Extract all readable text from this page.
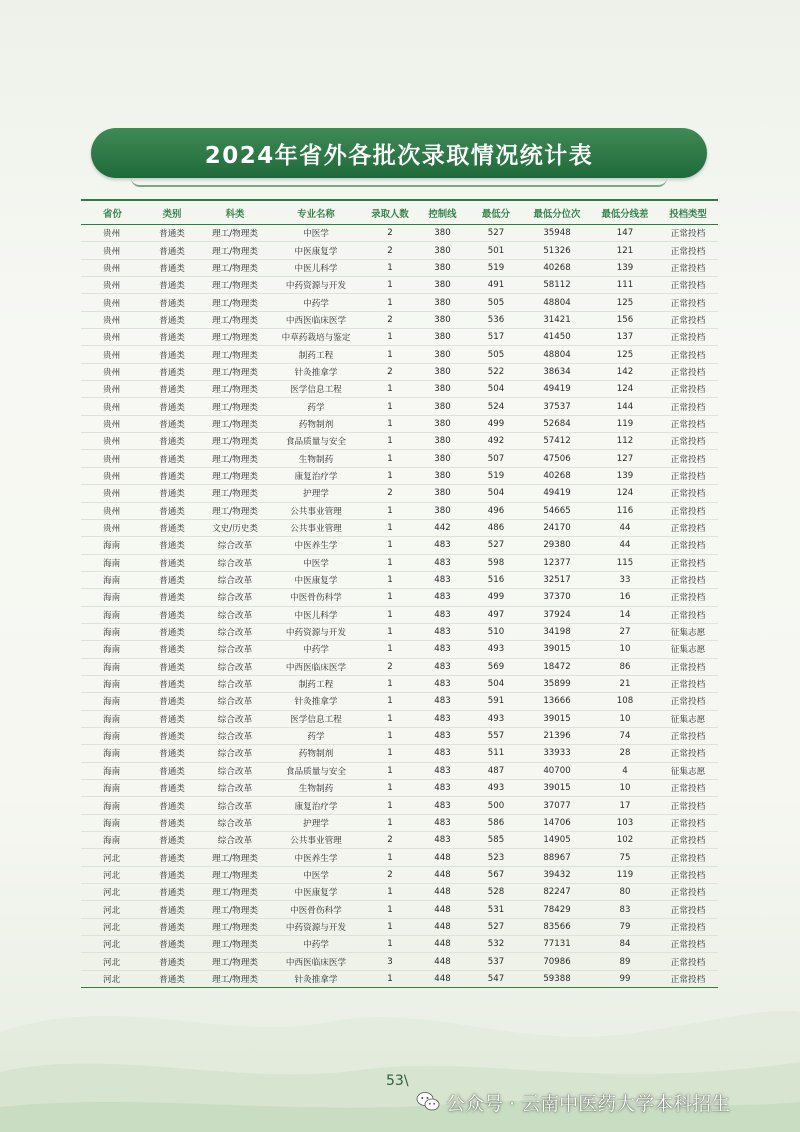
2024年省外各批次录取情况统计表
省份	类别	科类	专业名称	录取人数	控制线	最低分	最低分位次	最低分线差	投档类型
贵州	普通类	理工/物理类	中医学	2	380	527	35948	147	正常投档
贵州	普通类	理工/物理类	中医康复学	2	380	501	51326	121	正常投档
贵州	普通类	理工/物理类	中医儿科学	1	380	519	40268	139	正常投档
贵州	普通类	理工/物理类	中药资源与开发	1	380	491	58112	111	正常投档
贵州	普通类	理工/物理类	中药学	1	380	505	48804	125	正常投档
贵州	普通类	理工/物理类	中西医临床医学	2	380	536	31421	156	正常投档
贵州	普通类	理工/物理类	中草药栽培与鉴定	1	380	517	41450	137	正常投档
贵州	普通类	理工/物理类	制药工程	1	380	505	48804	125	正常投档
贵州	普通类	理工/物理类	针灸推拿学	2	380	522	38634	142	正常投档
贵州	普通类	理工/物理类	医学信息工程	1	380	504	49419	124	正常投档
贵州	普通类	理工/物理类	药学	1	380	524	37537	144	正常投档
贵州	普通类	理工/物理类	药物制剂	1	380	499	52684	119	正常投档
贵州	普通类	理工/物理类	食品质量与安全	1	380	492	57412	112	正常投档
贵州	普通类	理工/物理类	生物制药	1	380	507	47506	127	正常投档
贵州	普通类	理工/物理类	康复治疗学	1	380	519	40268	139	正常投档
贵州	普通类	理工/物理类	护理学	2	380	504	49419	124	正常投档
贵州	普通类	理工/物理类	公共事业管理	1	380	496	54665	116	正常投档
贵州	普通类	文史/历史类	公共事业管理	1	442	486	24170	44	正常投档
海南	普通类	综合改革	中医养生学	1	483	527	29380	44	正常投档
海南	普通类	综合改革	中医学	1	483	598	12377	115	正常投档
海南	普通类	综合改革	中医康复学	1	483	516	32517	33	正常投档
海南	普通类	综合改革	中医骨伤科学	1	483	499	37370	16	正常投档
海南	普通类	综合改革	中医儿科学	1	483	497	37924	14	正常投档
海南	普通类	综合改革	中药资源与开发	1	483	510	34198	27	征集志愿
海南	普通类	综合改革	中药学	1	483	493	39015	10	征集志愿
海南	普通类	综合改革	中西医临床医学	2	483	569	18472	86	正常投档
海南	普通类	综合改革	制药工程	1	483	504	35899	21	正常投档
海南	普通类	综合改革	针灸推拿学	1	483	591	13666	108	正常投档
海南	普通类	综合改革	医学信息工程	1	483	493	39015	10	征集志愿
海南	普通类	综合改革	药学	1	483	557	21396	74	正常投档
海南	普通类	综合改革	药物制剂	1	483	511	33933	28	正常投档
海南	普通类	综合改革	食品质量与安全	1	483	487	40700	4	征集志愿
海南	普通类	综合改革	生物制药	1	483	493	39015	10	正常投档
海南	普通类	综合改革	康复治疗学	1	483	500	37077	17	正常投档
海南	普通类	综合改革	护理学	1	483	586	14706	103	正常投档
海南	普通类	综合改革	公共事业管理	2	483	585	14905	102	正常投档
河北	普通类	理工/物理类	中医养生学	1	448	523	88967	75	正常投档
河北	普通类	理工/物理类	中医学	2	448	567	39432	119	正常投档
河北	普通类	理工/物理类	中医康复学	1	448	528	82247	80	正常投档
河北	普通类	理工/物理类	中医骨伤科学	1	448	531	78429	83	正常投档
河北	普通类	理工/物理类	中药资源与开发	1	448	527	83566	79	正常投档
河北	普通类	理工/物理类	中药学	1	448	532	77131	84	正常投档
河北	普通类	理工/物理类	中西医临床医学	3	448	537	70986	89	正常投档
河北	普通类	理工/物理类	针灸推拿学	1	448	547	59388	99	正常投档
53\
公众号 · 云南中医药大学本科招生
